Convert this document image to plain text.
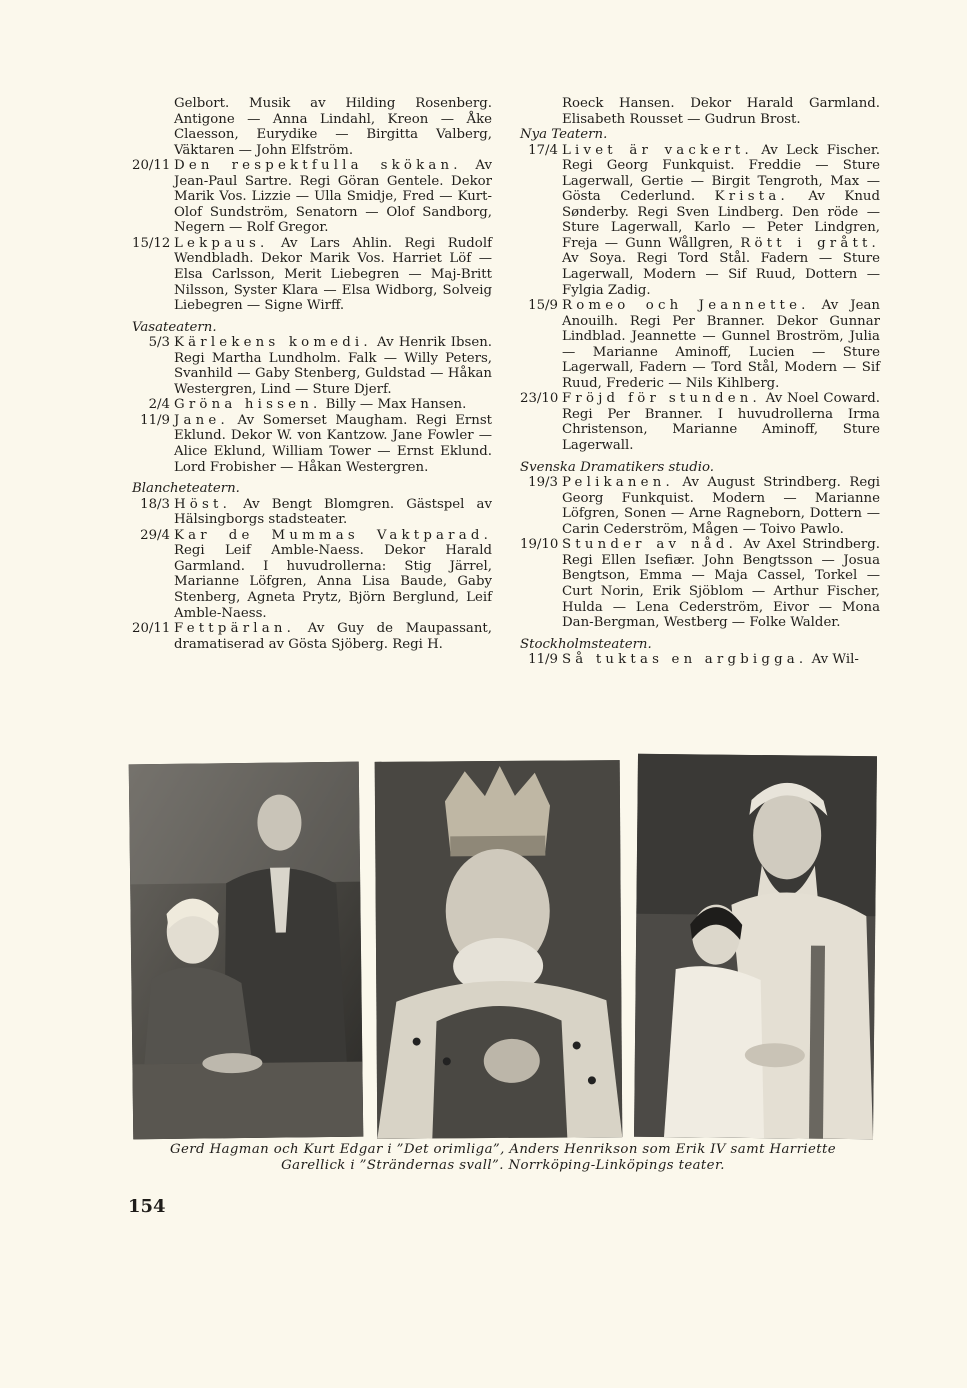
Gelbort. Musik av Hilding Rosenberg. Antigone — Anna Lindahl, Kreon — Åke Claesson, Eurydike — Birgitta Valberg, Väktaren — John Elfström.
20/11 Den respektfulla skökan. Av Jean-Paul Sartre. Regi Göran Gentele. Dekor Marik Vos. Lizzie — Ulla Smidje, Fred — Kurt-Olof Sundström, Senatorn — Olof Sandborg, Negern — Rolf Gregor.
15/12 Lekpaus. Av Lars Ahlin. Regi Rudolf Wendbladh. Dekor Marik Vos. Harriet Löf — Elsa Carlsson, Merit Liebegren — Maj-Britt Nilsson, Syster Klara — Elsa Widborg, Solveig Liebegren — Signe Wirff.
Vasateatern.
5/3 Kärlekens komedi. Av Henrik Ibsen. Regi Martha Lundholm. Falk — Willy Peters, Svanhild — Gaby Stenberg, Guldstad — Håkan Westergren, Lind — Sture Djerf.
2/4 Gröna hissen. Billy — Max Hansen.
11/9 Jane. Av Somerset Maugham. Regi Ernst Eklund. Dekor W. von Kantzow. Jane Fowler — Alice Eklund, William Tower — Ernst Eklund. Lord Frobisher — Håkan Westergren.
Blancheteatern.
18/3 Höst. Av Bengt Blomgren. Gästspel av Hälsingborgs stadsteater.
29/4 Kar de Mummas Vaktparad. Regi Leif Amble-Naess. Dekor Harald Garmland. I huvudrollerna: Stig Järrel, Marianne Löfgren, Anna Lisa Baude, Gaby Stenberg, Agneta Prytz, Björn Berglund, Leif Amble-Naess.
20/11 Fettpärlan. Av Guy de Maupassant, dramatiserad av Gösta Sjöberg. Regi H.
Roeck Hansen. Dekor Harald Garmland. Elisabeth Rousset — Gudrun Brost.
Nya Teatern.
17/4 Livet är vackert. Av Leck Fischer. Regi Georg Funkquist. Freddie — Sture Lagerwall, Gertie — Birgit Tengroth, Max — Gösta Cederlund. Krista. Av Knud Sønderby. Regi Sven Lindberg. Den röde — Sture Lagerwall, Karlo — Peter Lindgren, Freja — Gunn Wållgren, Rött i grått. Av Soya. Regi Tord Stål. Fadern — Sture Lagerwall, Modern — Sif Ruud, Dottern — Fylgia Zadig.
15/9 Romeo och Jeannette. Av Jean Anouilh. Regi Per Branner. Dekor Gunnar Lindblad. Jeannette — Gunnel Broström, Julia — Marianne Aminoff, Lucien — Sture Lagerwall, Fadern — Tord Stål, Modern — Sif Ruud, Frederic — Nils Kihlberg.
23/10 Fröjd för stunden. Av Noel Coward. Regi Per Branner. I huvudrollerna Irma Christenson, Marianne Aminoff, Sture Lagerwall.
Svenska Dramatikers studio.
19/3 Pelikanen. Av August Strindberg. Regi Georg Funkquist. Modern — Marianne Löfgren, Sonen — Arne Ragneborn, Dottern — Carin Cederström, Mågen — Toivo Pawlo.
19/10 Stunder av nåd. Av Axel Strindberg. Regi Ellen Isefiær. John Bengtsson — Josua Bengtson, Emma — Maja Cassel, Torkel — Curt Norin, Erik Sjöblom — Arthur Fischer, Hulda — Lena Cederström, Eivor — Mona Dan-Bergman, Westberg — Folke Walder.
Stockholmsteatern.
11/9 Så tuktas en argbigga. Av Wil-
Gerd Hagman och Kurt Edgar i ”Det orimliga”, Anders Henrikson som Erik IV samt Harriette
Garellick i ”Strändernas svall”. Norrköping-Linköpings teater.
154
